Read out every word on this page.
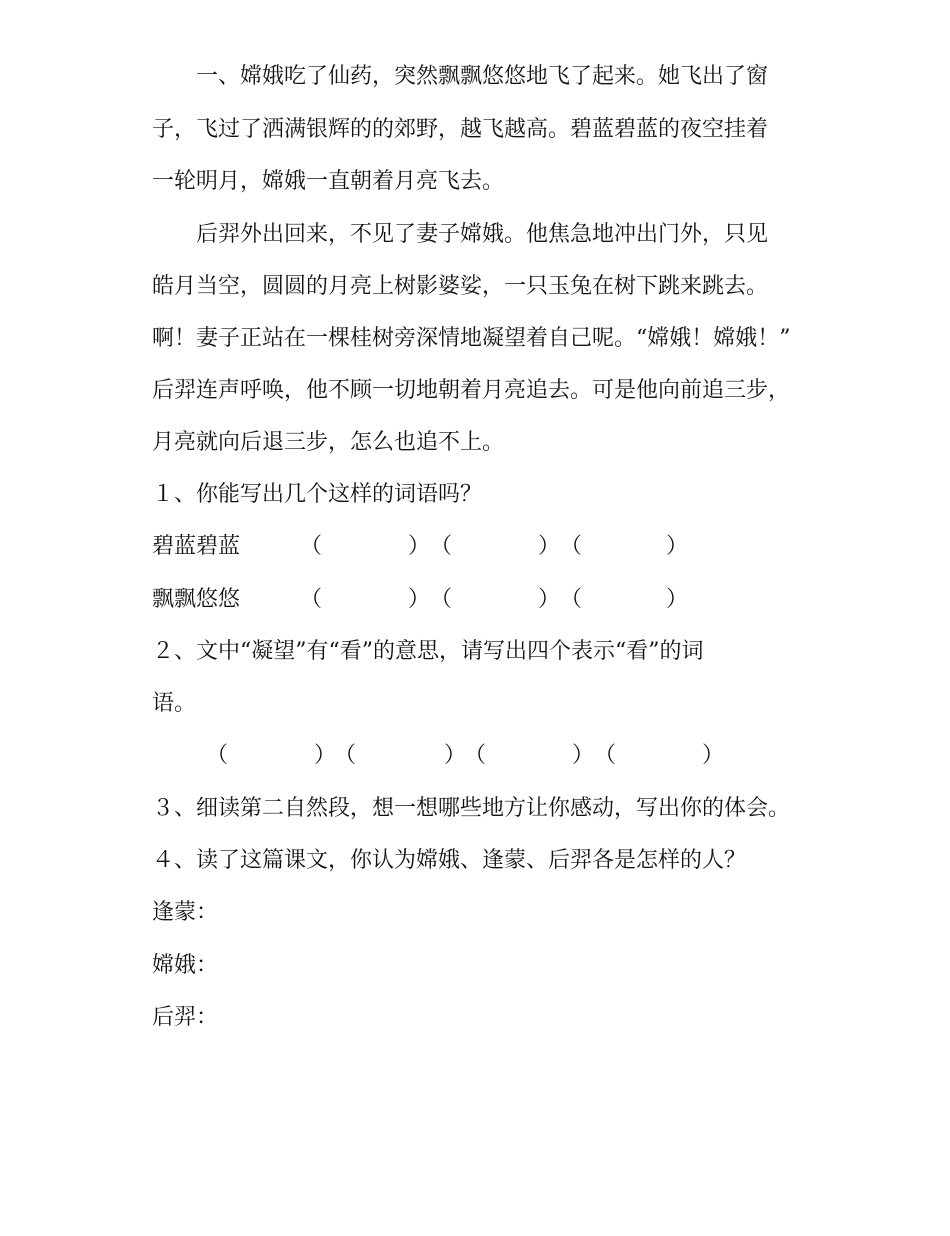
一、嫦娥吃了仙药，突然飘飘悠悠地飞了起来。她飞出了窗
子，飞过了洒满银辉的的郊野，越飞越高。碧蓝碧蓝的夜空挂着
一轮明月，嫦娥一直朝着月亮飞去。
后羿外出回来，不见了妻子嫦娥。他焦急地冲出门外，只见
皓月当空，圆圆的月亮上树影婆娑，一只玉兔在树下跳来跳去。
啊！妻子正站在一棵桂树旁深情地凝望着自己呢。“嫦娥！嫦娥！”
后羿连声呼唤，他不顾一切地朝着月亮追去。可是他向前追三步，
月亮就向后退三步，怎么也追不上。
１、你能写出几个这样的词语吗？
碧蓝碧蓝	（	） （	） （	）
飘飘悠悠	（	） （	） （	）
２、文中“凝望”有“看”的意思，请写出四个表示“看”的词
语。
（	）
（	）
（	） （	）
３、细读第二自然段，想一想哪些地方让你感动，写出你的体会。
４、读了这篇课文，你认为嫦娥、逢蒙、后羿各是怎样的人？
逢蒙：
嫦娥：
后羿：
